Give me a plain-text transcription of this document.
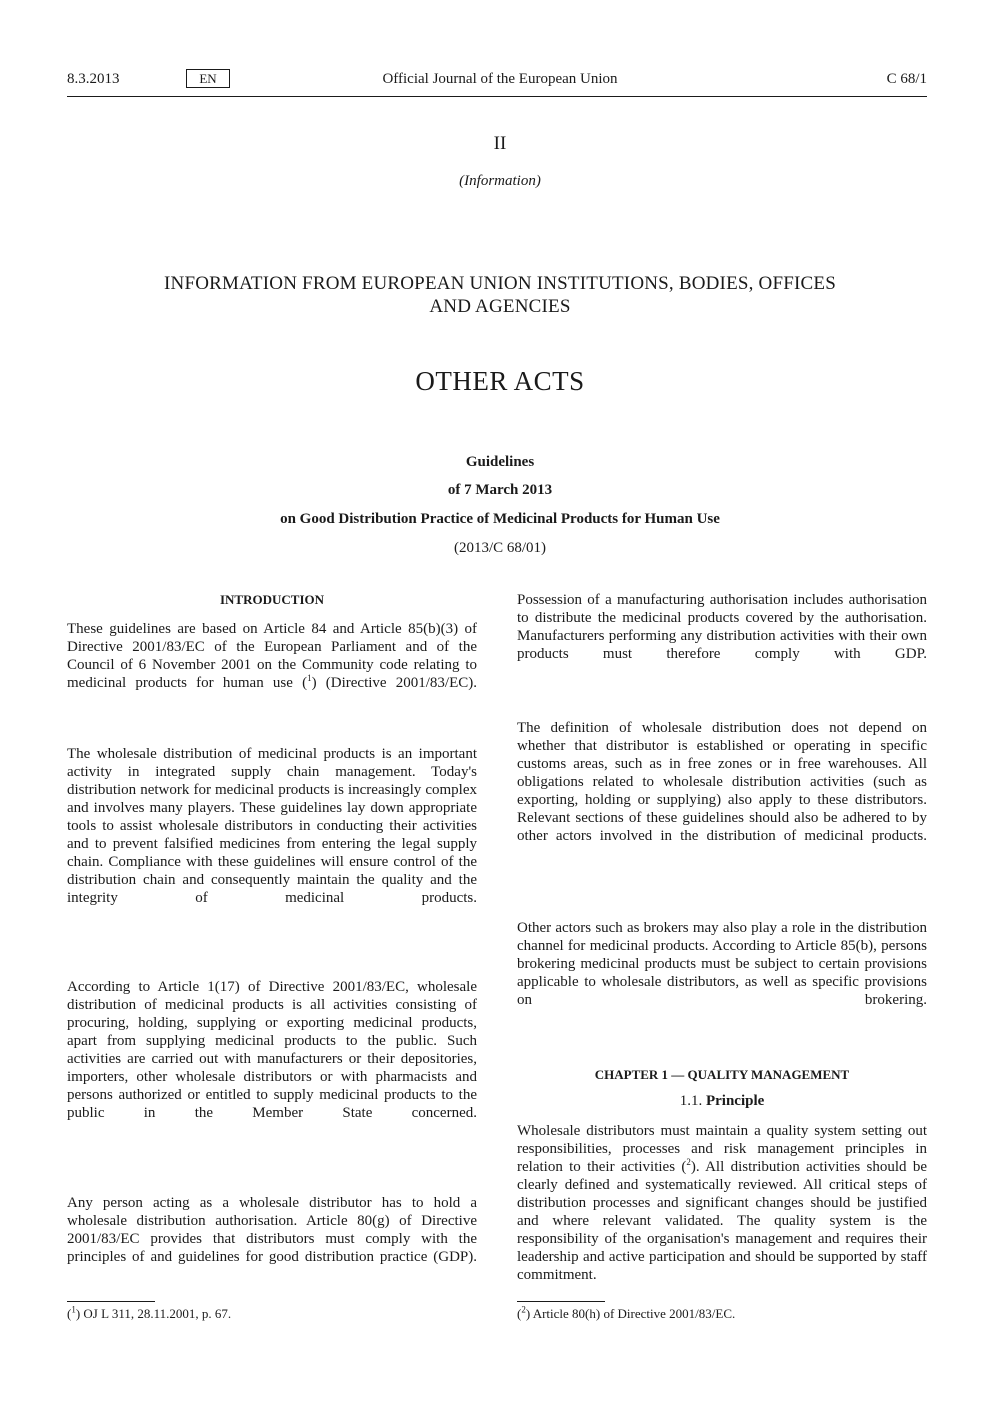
8.3.2013	EN	Official Journal of the European Union	C 68/1
II
(Information)
INFORMATION FROM EUROPEAN UNION INSTITUTIONS, BODIES, OFFICES
AND AGENCIES
OTHER ACTS
Guidelines
of 7 March 2013
on Good Distribution Practice of Medicinal Products for Human Use
(2013/C 68/01)
INTRODUCTION
These guidelines are based on Article 84 and Article 85(b)(3) of Directive 2001/83/EC of the European Parliament and of the Council of 6 November 2001 on the Community code relating to medicinal products for human use ($^1$) (Directive 2001/83/EC).
The wholesale distribution of medicinal products is an important activity in integrated supply chain management. Today's distribution network for medicinal products is increasingly complex and involves many players. These guidelines lay down appropriate tools to assist wholesale distributors in conducting their activities and to prevent falsified medicines from entering the legal supply chain. Compliance with these guidelines will ensure control of the distribution chain and consequently maintain the quality and the integrity of medicinal products.
According to Article 1(17) of Directive 2001/83/EC, wholesale distribution of medicinal products is all activities consisting of procuring, holding, supplying or exporting medicinal products, apart from supplying medicinal products to the public. Such activities are carried out with manufacturers or their depositories, importers, other wholesale distributors or with pharmacists and persons authorized or entitled to supply medicinal products to the public in the Member State concerned.
Any person acting as a wholesale distributor has to hold a wholesale distribution authorisation. Article 80(g) of Directive 2001/83/EC provides that distributors must comply with the principles of and guidelines for good distribution practice (GDP).
($^1$) OJ L 311, 28.11.2001, p. 67.
Possession of a manufacturing authorisation includes authorisation to distribute the medicinal products covered by the authorisation. Manufacturers performing any distribution activities with their own products must therefore comply with GDP.
The definition of wholesale distribution does not depend on whether that distributor is established or operating in specific customs areas, such as in free zones or in free warehouses. All obligations related to wholesale distribution activities (such as exporting, holding or supplying) also apply to these distributors. Relevant sections of these guidelines should also be adhered to by other actors involved in the distribution of medicinal products.
Other actors such as brokers may also play a role in the distribution channel for medicinal products. According to Article 85(b), persons brokering medicinal products must be subject to certain provisions applicable to wholesale distributors, as well as specific provisions on brokering.
CHAPTER 1 — QUALITY MANAGEMENT
1.1. Principle
Wholesale distributors must maintain a quality system setting out responsibilities, processes and risk management principles in relation to their activities ($^2$). All distribution activities should be clearly defined and systematically reviewed. All critical steps of distribution processes and significant changes should be justified and where relevant validated. The quality system is the responsibility of the organisation's management and requires their leadership and active participation and should be supported by staff commitment.
($^2$) Article 80(h) of Directive 2001/83/EC.
